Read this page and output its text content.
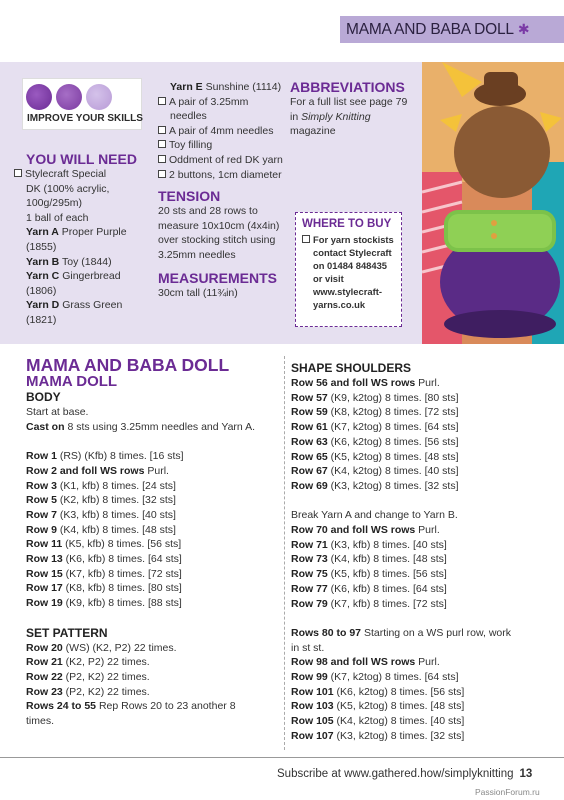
MAMA AND BABA DOLL ✱
IMPROVE YOUR SKILLS
YOU WILL NEED
Stylecraft Special
DK (100% acrylic,
100g/295m)
1 ball of each
Yarn A Proper Purple
(1855)
Yarn B Toy (1844)
Yarn C Gingerbread
(1806)
Yarn D Grass Green
(1821)
Yarn E Sunshine (1114)
A pair of 3.25mm
needles
A pair of 4mm needles
Toy filling
Oddment of red DK yarn
2 buttons, 1cm diameter
TENSION
20 sts and 28 rows to
measure 10x10cm (4x4in)
over stocking stitch using
3.25mm needles
MEASUREMENTS
30cm tall (11¾in)
ABBREVIATIONS
For a full list see page 79
in Simply Knitting
magazine
WHERE TO BUY
For yarn stockists
contact Stylecraft
on 01484 848435
or visit
www.stylecraft-
yarns.co.uk
MAMA AND BABA DOLL
MAMA DOLL
BODY
Start at base.
Cast on 8 sts using 3.25mm needles and Yarn A.
Row 1 (RS) (Kfb) 8 times. [16 sts]
Row 2 and foll WS rows Purl.
Row 3 (K1, kfb) 8 times. [24 sts]
Row 5 (K2, kfb) 8 times. [32 sts]
Row 7 (K3, kfb) 8 times. [40 sts]
Row 9 (K4, kfb) 8 times. [48 sts]
Row 11 (K5, kfb) 8 times. [56 sts]
Row 13 (K6, kfb) 8 times. [64 sts]
Row 15 (K7, kfb) 8 times. [72 sts]
Row 17 (K8, kfb) 8 times. [80 sts]
Row 19 (K9, kfb) 8 times. [88 sts]
SET PATTERN
Row 20 (WS) (K2, P2) 22 times.
Row 21 (K2, P2) 22 times.
Row 22 (P2, K2) 22 times.
Row 23 (P2, K2) 22 times.
Rows 24 to 55 Rep Rows 20 to 23 another 8
times.
SHAPE SHOULDERS
Row 56 and foll WS rows Purl.
Row 57 (K9, k2tog) 8 times. [80 sts]
Row 59 (K8, k2tog) 8 times. [72 sts]
Row 61 (K7, k2tog) 8 times. [64 sts]
Row 63 (K6, k2tog) 8 times. [56 sts]
Row 65 (K5, k2tog) 8 times. [48 sts]
Row 67 (K4, k2tog) 8 times. [40 sts]
Row 69 (K3, k2tog) 8 times. [32 sts]
Break Yarn A and change to Yarn B.
Row 70 and foll WS rows Purl.
Row 71 (K3, kfb) 8 times. [40 sts]
Row 73 (K4, kfb) 8 times. [48 sts]
Row 75 (K5, kfb) 8 times. [56 sts]
Row 77 (K6, kfb) 8 times. [64 sts]
Row 79 (K7, kfb) 8 times. [72 sts]
Rows 80 to 97 Starting on a WS purl row, work
in st st.
Row 98 and foll WS rows Purl.
Row 99 (K7, k2tog) 8 times. [64 sts]
Row 101 (K6, k2tog) 8 times. [56 sts]
Row 103 (K5, k2tog) 8 times. [48 sts]
Row 105 (K4, k2tog) 8 times. [40 sts]
Row 107 (K3, k2tog) 8 times. [32 sts]
Subscribe at www.gathered.how/simplyknitting 13
PassionForum.ru
